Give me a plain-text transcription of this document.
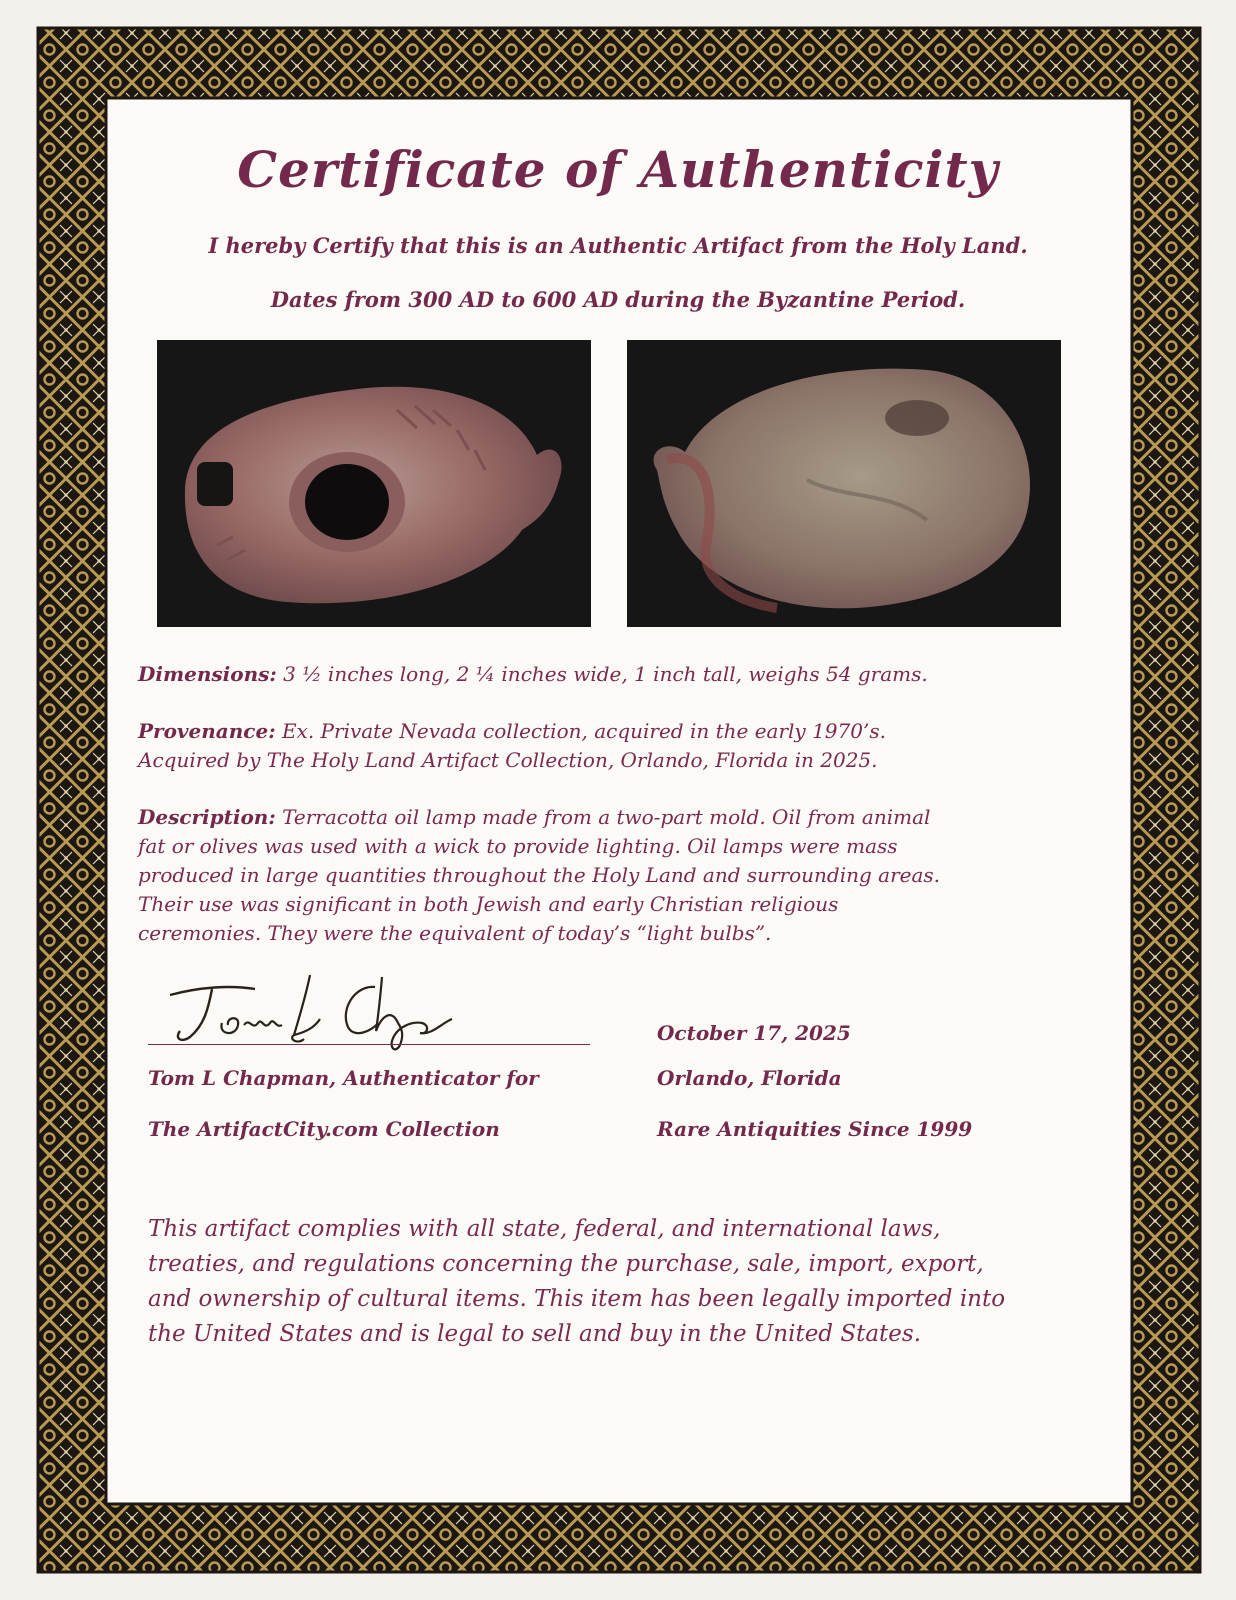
Certificate of Authenticity
I hereby Certify that this is an Authentic Artifact from the Holy Land.
Dates from 300 AD to 600 AD during the Byzantine Period.
Dimensions: 3 ½ inches long, 2 ¼ inches wide, 1 inch tall, weighs 54 grams.
Provenance: Ex. Private Nevada collection, acquired in the early 1970’s.
Acquired by The Holy Land Artifact Collection, Orlando, Florida in 2025.
Description: Terracotta oil lamp made from a two-part mold. Oil from animal
fat or olives was used with a wick to provide lighting. Oil lamps were mass
produced in large quantities throughout the Holy Land and surrounding areas.
Their use was significant in both Jewish and early Christian religious
ceremonies. They were the equivalent of today’s “light bulbs”.
Tom L Chapman, Authenticator for
The ArtifactCity.com Collection
October 17, 2025
Orlando, Florida
Rare Antiquities Since 1999
This artifact complies with all state, federal, and international laws,
treaties, and regulations concerning the purchase, sale, import, export,
and ownership of cultural items. This item has been legally imported into
the United States and is legal to sell and buy in the United States.
